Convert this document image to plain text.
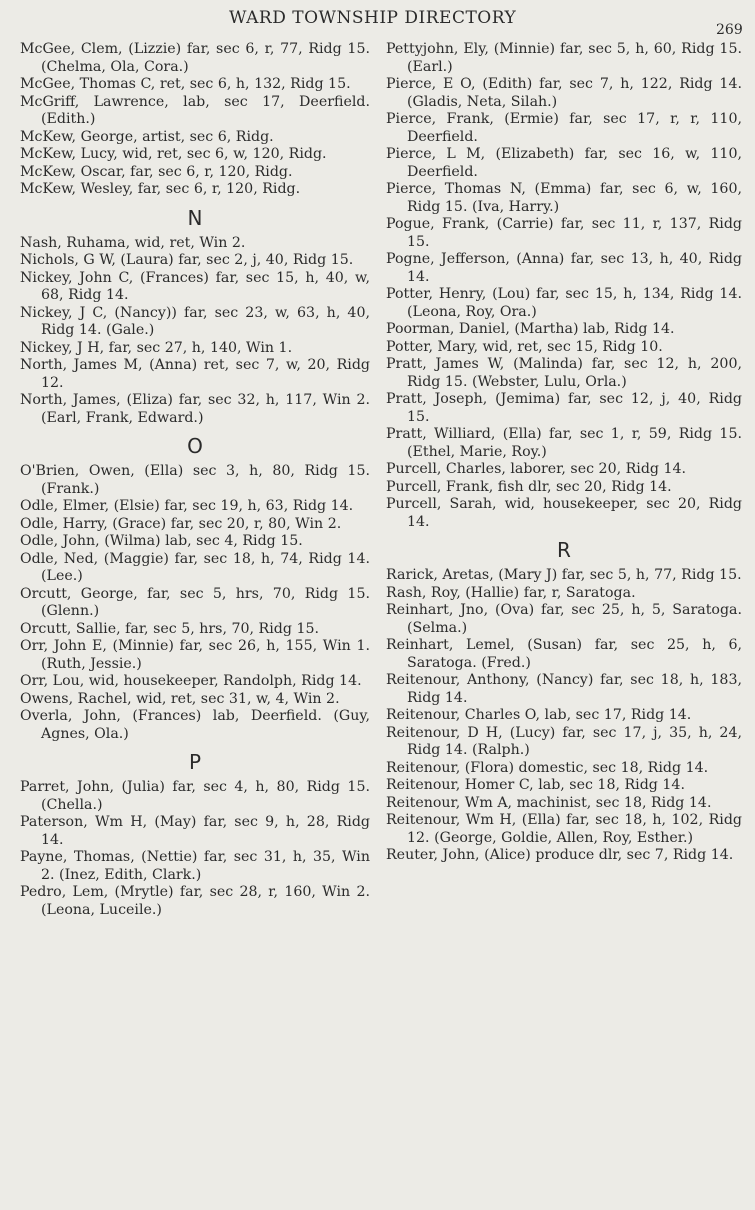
WARD TOWNSHIP DIRECTORY
269

McGee, Clem, (Lizzie) far, sec 6, r, 77, Ridg 15. (Chelma, Ola, Cora.)

McGee, Thomas C, ret, sec 6, h, 132, Ridg 15.

McGriff, Lawrence, lab, sec 17, Deerfield. (Edith.)

McKew, George, artist, sec 6, Ridg.

McKew, Lucy, wid, ret, sec 6, w, 120, Ridg.

McKew, Oscar, far, sec 6, r, 120, Ridg.

McKew, Wesley, far, sec 6, r, 120, Ridg.

N

Nash, Ruhama, wid, ret, Win 2.

Nichols, G W, (Laura) far, sec 2, j, 40, Ridg 15.

Nickey, John C, (Frances) far, sec 15, h, 40, w, 68, Ridg 14.

Nickey, J C, (Nancy)) far, sec 23, w, 63, h, 40, Ridg 14. (Gale.)

Nickey, J H, far, sec 27, h, 140, Win 1.

North, James M, (Anna) ret, sec 7, w, 20, Ridg 12.

North, James, (Eliza) far, sec 32, h, 117, Win 2. (Earl, Frank, Edward.)

O

O'Brien, Owen, (Ella) sec 3, h, 80, Ridg 15. (Frank.)

Odle, Elmer, (Elsie) far, sec 19, h, 63, Ridg 14.

Odle, Harry, (Grace) far, sec 20, r, 80, Win 2.

Odle, John, (Wilma) lab, sec 4, Ridg 15.

Odle, Ned, (Maggie) far, sec 18, h, 74, Ridg 14. (Lee.)

Orcutt, George, far, sec 5, hrs, 70, Ridg 15. (Glenn.)

Orcutt, Sallie, far, sec 5, hrs, 70, Ridg 15.

Orr, John E, (Minnie) far, sec 26, h, 155, Win 1. (Ruth, Jessie.)

Orr, Lou, wid, housekeeper, Randolph, Ridg 14.

Owens, Rachel, wid, ret, sec 31, w, 4, Win 2.

Overla, John, (Frances) lab, Deerfield. (Guy, Agnes, Ola.)

P

Parret, John, (Julia) far, sec 4, h, 80, Ridg 15. (Chella.)

Paterson, Wm H, (May) far, sec 9, h, 28, Ridg 14.

Payne, Thomas, (Nettie) far, sec 31, h, 35, Win 2. (Inez, Edith, Clark.)

Pedro, Lem, (Mrytle) far, sec 28, r, 160, Win 2. (Leona, Luceile.)

Pettyjohn, Ely, (Minnie) far, sec 5, h, 60, Ridg 15. (Earl.)

Pierce, E O, (Edith) far, sec 7, h, 122, Ridg 14. (Gladis, Neta, Silah.)

Pierce, Frank, (Ermie) far, sec 17, r, r, 110, Deerfield.

Pierce, L M, (Elizabeth) far, sec 16, w, 110, Deerfield.

Pierce, Thomas N, (Emma) far, sec 6, w, 160, Ridg 15. (Iva, Harry.)

Pogue, Frank, (Carrie) far, sec 11, r, 137, Ridg 15.

Pogne, Jefferson, (Anna) far, sec 13, h, 40, Ridg 14.

Potter, Henry, (Lou) far, sec 15, h, 134, Ridg 14. (Leona, Roy, Ora.)

Poorman, Daniel, (Martha) lab, Ridg 14.

Potter, Mary, wid, ret, sec 15, Ridg 10.

Pratt, James W, (Malinda) far, sec 12, h, 200, Ridg 15. (Webster, Lulu, Orla.)

Pratt, Joseph, (Jemima) far, sec 12, j, 40, Ridg 15.

Pratt, Williard, (Ella) far, sec 1, r, 59, Ridg 15. (Ethel, Marie, Roy.)

Purcell, Charles, laborer, sec 20, Ridg 14.

Purcell, Frank, fish dlr, sec 20, Ridg 14.

Purcell, Sarah, wid, housekeeper, sec 20, Ridg 14.

R

Rarick, Aretas, (Mary J) far, sec 5, h, 77, Ridg 15.

Rash, Roy, (Hallie) far, r, Saratoga.

Reinhart, Jno, (Ova) far, sec 25, h, 5, Saratoga. (Selma.)

Reinhart, Lemel, (Susan) far, sec 25, h, 6, Saratoga. (Fred.)

Reitenour, Anthony, (Nancy) far, sec 18, h, 183, Ridg 14.

Reitenour, Charles O, lab, sec 17, Ridg 14.

Reitenour, D H, (Lucy) far, sec 17, j, 35, h, 24, Ridg 14. (Ralph.)

Reitenour, (Flora) domestic, sec 18, Ridg 14.

Reitenour, Homer C, lab, sec 18, Ridg 14.

Reitenour, Wm A, machinist, sec 18, Ridg 14.

Reitenour, Wm H, (Ella) far, sec 18, h, 102, Ridg 12. (George, Goldie, Allen, Roy, Esther.)

Reuter, John, (Alice) produce dlr, sec 7, Ridg 14.
